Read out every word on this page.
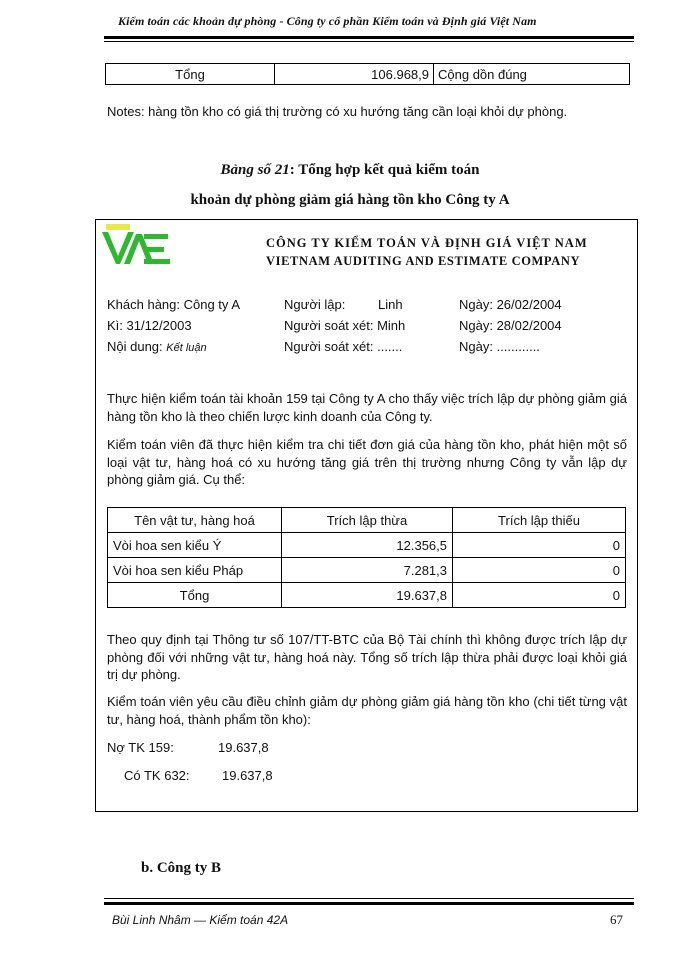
Kiểm toán các khoản dự phòng - Công ty cổ phần Kiểm toán và Định giá Việt Nam
Tổng	106.968,9	Cộng dồn đúng
Notes: hàng tồn kho có giá thị trường có xu hướng tăng cần loại khỏi dự phòng.
Bảng số 21: Tổng hợp kết quả kiểm toán
khoản dự phòng giảm giá hàng tồn kho Công ty A
VAE
CÔNG TY KIỂM TOÁN VÀ ĐỊNH GIÁ VIỆT NAM
VIETNAM AUDITING AND ESTIMATE COMPANY
Khách hàng: Công ty A	Người lập:	Linh	Ngày: 26/02/2004
Kì: 31/12/2003	Người soát xét: Minh	Ngày: 28/02/2004
Nội dung: Kết luận	Người soát xét: .......	Ngày: ............
Thực hiện kiểm toán tài khoản 159 tại Công ty A cho thấy việc trích lập dự phòng giảm giá hàng tồn kho là theo chiến lược kinh doanh của Công ty.
Kiểm toán viên đã thực hiện kiểm tra chi tiết đơn giá của hàng tồn kho, phát hiện một số loại vật tư, hàng hoá có xu hướng tăng giá trên thị trường nhưng Công ty vẫn lập dự phòng giảm giá. Cụ thể:
Tên vật tư, hàng hoá	Trích lập thừa	Trích lập thiếu
Vòi hoa sen kiểu Ý	12.356,5	0
Vòi hoa sen kiểu Pháp	7.281,3	0
Tổng	19.637,8	0
Theo quy định tại Thông tư số 107/TT-BTC của Bộ Tài chính thì không được trích lập dự phòng đối với những vật tư, hàng hoá này. Tổng số trích lập thừa phải được loại khỏi giá trị dự phòng.
Kiểm toán viên yêu cầu điều chỉnh giảm dự phòng giảm giá hàng tồn kho (chi tiết từng vật tư, hàng hoá, thành phẩm tồn kho):
Nợ TK 159:	19.637,8
Có TK 632: 19.637,8
b. Công ty B
Bùi Linh Nhâm — Kiểm toán 42A	67
